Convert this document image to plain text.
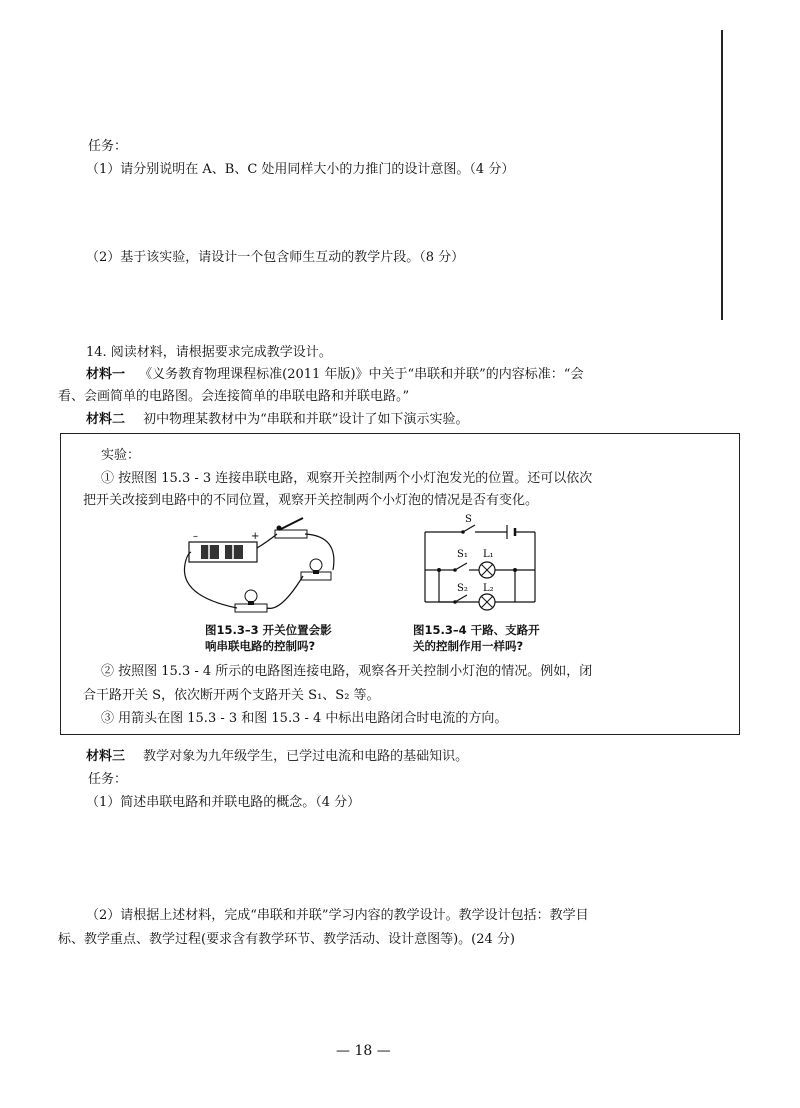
任务：
（1）请分别说明在 A、B、C 处用同样大小的力推门的设计意图。（4 分）
（2）基于该实验，请设计一个包含师生互动的教学片段。（8 分）
14. 阅读材料，请根据要求完成教学设计。
材料一 《义务教育物理课程标准(2011 年版)》中关于“串联和并联”的内容标准：“会
看、会画简单的电路图。会连接简单的串联电路和并联电路。”
材料二 初中物理某教材中为“串联和并联”设计了如下演示实验。
实验：
① 按照图 15.3 - 3 连接串联电路，观察开关控制两个小灯泡发光的位置。还可以依次
把开关改接到电路中的不同位置，观察开关控制两个小灯泡的情况是否有变化。
–	+
S
S₁ L₁
S₂ L₂
图15.3–3 开关位置会影
响串联电路的控制吗?
图15.3–4 干路、支路开
关的控制作用一样吗?
② 按照图 15.3 - 4 所示的电路图连接电路，观察各开关控制小灯泡的情况。例如，闭
合干路开关 S，依次断开两个支路开关 S₁、S₂ 等。
③ 用箭头在图 15.3 - 3 和图 15.3 - 4 中标出电路闭合时电流的方向。
材料三 教学对象为九年级学生，已学过电流和电路的基础知识。
任务：
（1）简述串联电路和并联电路的概念。（4 分）
（2）请根据上述材料，完成“串联和并联”学习内容的教学设计。教学设计包括：教学目
标、教学重点、教学过程(要求含有教学环节、教学活动、设计意图等)。(24 分)
— 18 —
